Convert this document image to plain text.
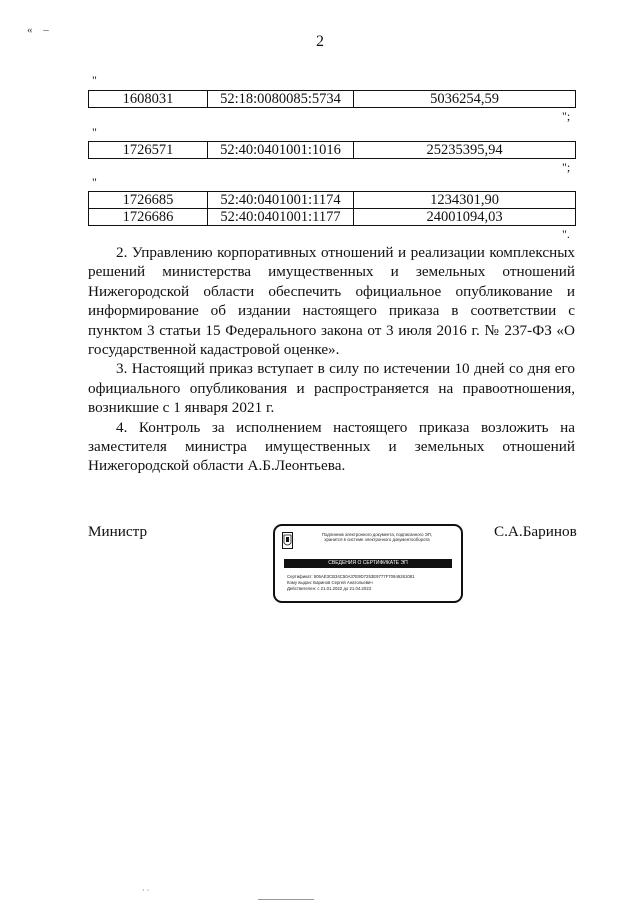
« –
2
"
1608031	52:18:0080085:5734	5036254,59
";
"
1726571	52:40:0401001:1016	25235395,94
";
"
1726685	52:40:0401001:1174	1234301,90
1726686	52:40:0401001:1177	24001094,03
".

2. Управлению корпоративных отношений и реализации комплексных решений министерства имущественных и земельных отношений Нижегородской области обеспечить официальное опубликование и информирование об издании настоящего приказа в соответствии с пунктом 3 статьи 15 Федерального закона от 3 июля 2016 г. № 237-ФЗ «О государственной кадастровой оценке».

3. Настоящий приказ вступает в силу по истечении 10 дней со дня его официального опубликования и распространяется на правоотношения, возникшие с 1 января 2021 г.

4. Контроль за исполнением настоящего приказа возложить на заместителя министра имущественных и земельных отношений Нижегородской области А.Б.Леонтьева.

Министр	С.А.Баринов
Подлинник электронного документа, подписанного ЭП,
хранится в системе электронного документооборота
СВЕДЕНИЯ О СЕРТИФИКАТЕ ЭП
Сертификат: 505AE3CB34C50A37E9D7253E9777F70946261081
Кому выдан: Баринов Сергей Анатольевич
Действителен: с 21.01.2022 до 21.04.2023
· ·
